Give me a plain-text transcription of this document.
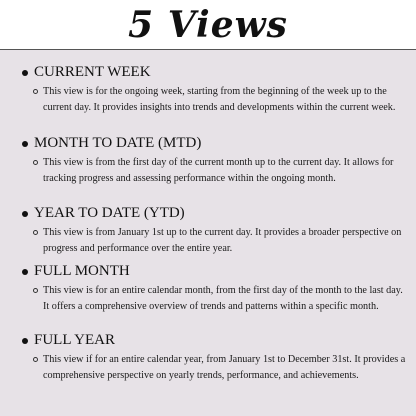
5 Views
CURRENT WEEK
This view is for the ongoing week, starting from the beginning of the week up to the current day. It provides insights into trends and developments within the current week.
MONTH TO DATE (MTD)
This view is from the first day of the current month up to the current day. It allows for tracking progress and assessing performance within the ongoing month.
YEAR TO DATE (YTD)
This view is from January 1st up to the current day. It provides a broader perspective on progress and performance over the entire year.
FULL MONTH
This view is for an entire calendar month, from the first day of the month to the last day. It offers a comprehensive overview of trends and patterns within a specific month.
FULL YEAR
This view if for an entire calendar year, from January 1st to December 31st. It provides a comprehensive perspective on yearly trends, performance, and achievements.
